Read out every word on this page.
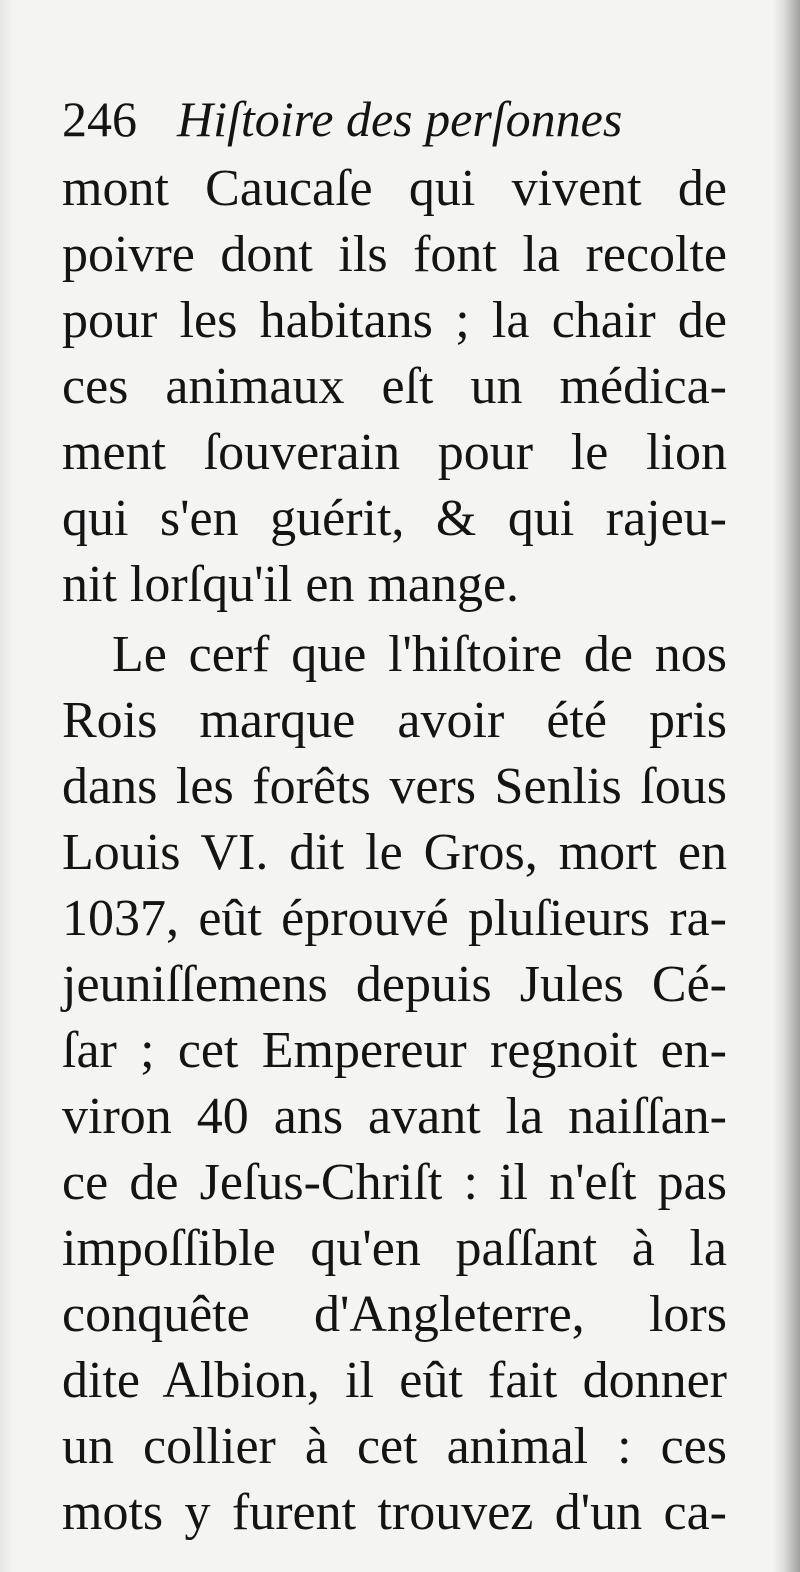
246 Hiſtoire des perſonnes
mont Caucaſe qui vivent de
poivre dont ils font la recolte
pour les habitans ; la chair de
ces animaux eſt un médica-
ment ſouverain pour le lion
qui s'en guérit, & qui rajeu-
nit lorſqu'il en mange.
Le cerf que l'hiſtoire de nos
Rois marque avoir été pris
dans les forêts vers Senlis ſous
Louis VI. dit le Gros, mort en
1037, eût éprouvé pluſieurs ra-
jeuniſſemens depuis Jules Cé-
ſar ; cet Empereur regnoit en-
viron 40 ans avant la naiſſan-
ce de Jeſus-Chriſt : il n'eſt pas
impoſſible qu'en paſſant à la
conquête d'Angleterre, lors
dite Albion, il eût fait donner
un collier à cet animal : ces
mots y furent trouvez d'un ca-
